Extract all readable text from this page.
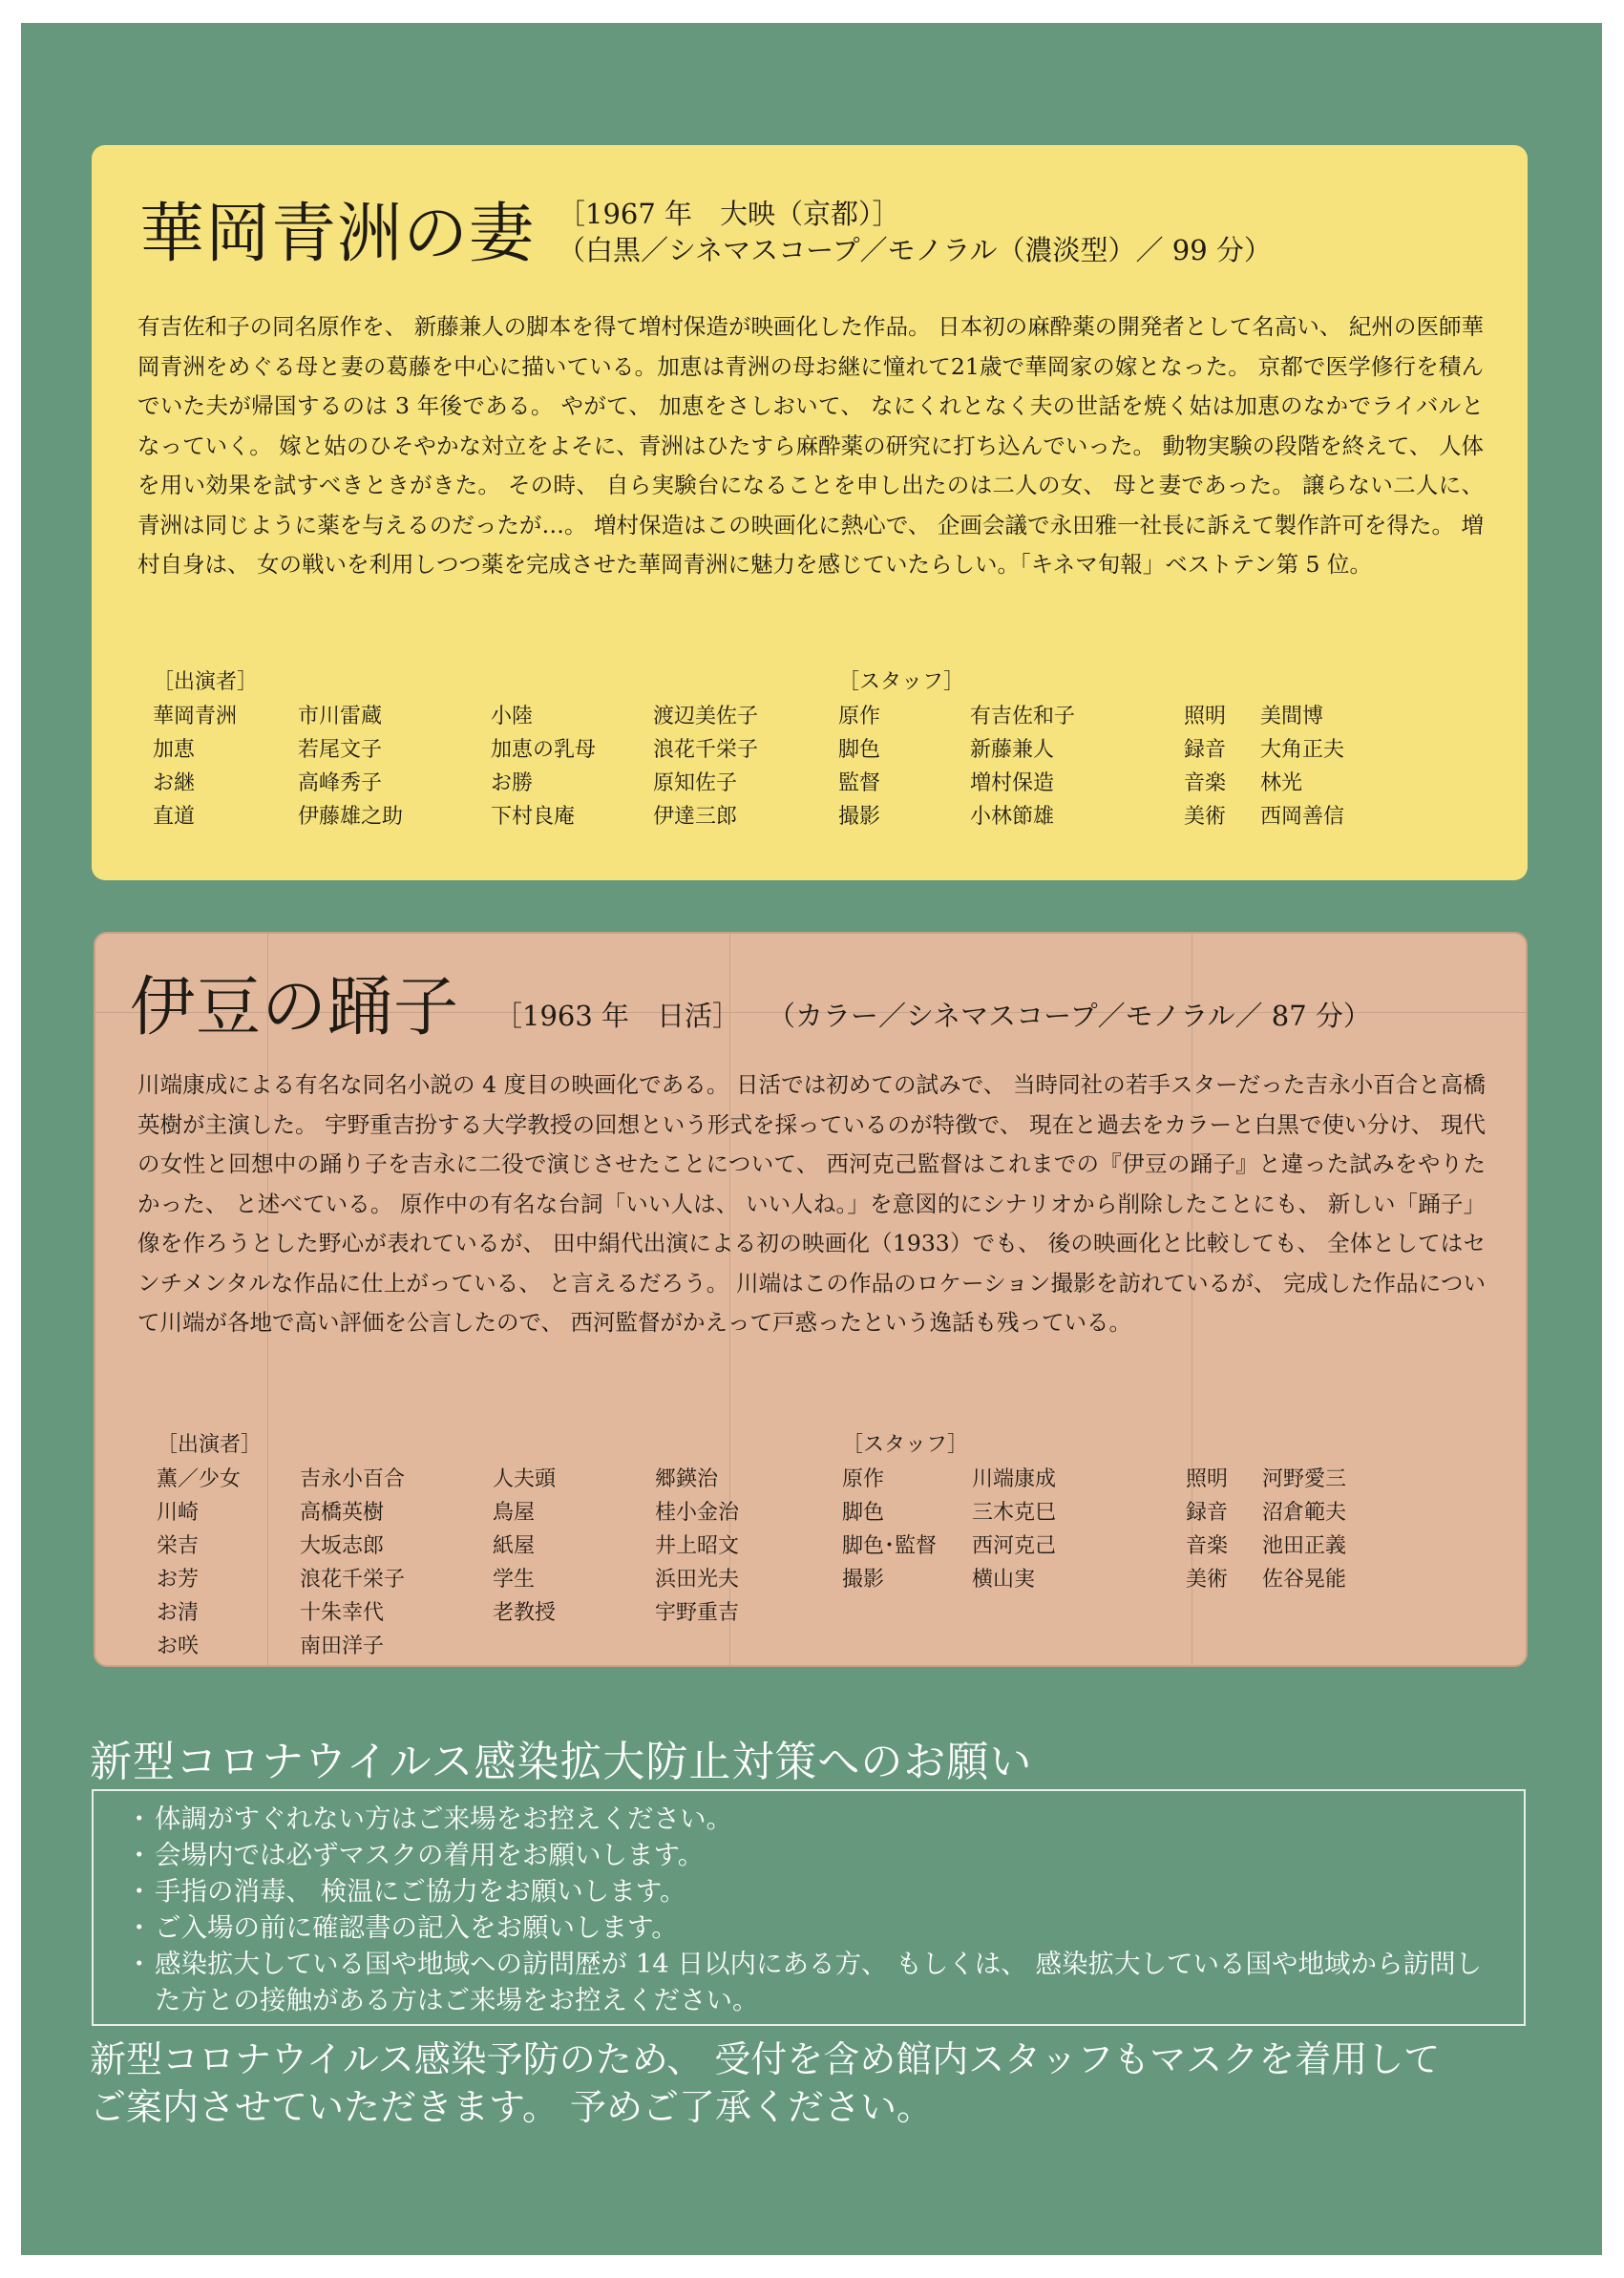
華岡青洲の妻 ［1967 年　大映（京都）］
（白黒／シネマスコープ／モノラル（濃淡型）／ 99 分）
有吉佐和子の同名原作を、 新藤兼人の脚本を得て増村保造が映画化した作品。 日本初の麻酔薬の開発者として名高い、 紀州の医師華岡青洲をめぐる母と妻の葛藤を中心に描いている。加恵は青洲の母お継に憧れて21歳で華岡家の嫁となった。 京都で医学修行を積んでいた夫が帰国するのは 3 年後である。 やがて、 加恵をさしおいて、 なにくれとなく夫の世話を焼く姑は加恵のなかでライバルとなっていく。 嫁と姑のひそやかな対立をよそに、青洲はひたすら麻酔薬の研究に打ち込んでいった。 動物実験の段階を終えて、 人体を用い効果を試すべきときがきた。 その時、 自ら実験台になることを申し出たのは二人の女、 母と妻であった。 譲らない二人に、 青洲は同じように薬を与えるのだったが…。 増村保造はこの映画化に熱心で、 企画会議で永田雅一社長に訴えて製作許可を得た。 増村自身は、 女の戦いを利用しつつ薬を完成させた華岡青洲に魅力を感じていたらしい。「キネマ旬報」ベストテン第 5 位。
［出演者］	［スタッフ］
華岡青洲
加恵
お継
直道
市川雷蔵
若尾文子
高峰秀子
伊藤雄之助
小陸
加恵の乳母
お勝
下村良庵
渡辺美佐子
浪花千栄子
原知佐子
伊達三郎
原作
脚色
監督
撮影
有吉佐和子
新藤兼人
増村保造
小林節雄
照明
録音
音楽
美術
美間博
大角正夫
林光
西岡善信
伊豆の踊子 ［1963 年　日活］ （カラー／シネマスコープ／モノラル／ 87 分）
川端康成による有名な同名小説の 4 度目の映画化である。 日活では初めての試みで、 当時同社の若手スターだった吉永小百合と高橋英樹が主演した。 宇野重吉扮する大学教授の回想という形式を採っているのが特徴で、 現在と過去をカラーと白黒で使い分け、 現代の女性と回想中の踊り子を吉永に二役で演じさせたことについて、 西河克己監督はこれまでの『伊豆の踊子』と違った試みをやりたかった、 と述べている。 原作中の有名な台詞「いい人は、 いい人ね。」を意図的にシナリオから削除したことにも、 新しい「踊子」像を作ろうとした野心が表れているが、 田中絹代出演による初の映画化（1933）でも、 後の映画化と比較しても、 全体としてはセンチメンタルな作品に仕上がっている、 と言えるだろう。 川端はこの作品のロケーション撮影を訪れているが、 完成した作品について川端が各地で高い評価を公言したので、 西河監督がかえって戸惑ったという逸話も残っている。
［出演者］	［スタッフ］
薫／少女
川崎
栄吉
お芳
お清
お咲
吉永小百合
高橋英樹
大坂志郎
浪花千栄子
十朱幸代
南田洋子
人夫頭
鳥屋
紙屋
学生
老教授
郷鍈治
桂小金治
井上昭文
浜田光夫
宇野重吉
原作
脚色
脚色･監督
撮影
川端康成
三木克巳
西河克己
横山実
照明
録音
音楽
美術
河野愛三
沼倉範夫
池田正義
佐谷晃能
新型コロナウイルス感染拡大防止対策へのお願い
・ 体調がすぐれない方はご来場をお控えください。
・ 会場内では必ずマスクの着用をお願いします。
・ 手指の消毒、 検温にご協力をお願いします。
・ ご入場の前に確認書の記入をお願いします。
・ 感染拡大している国や地域への訪問歴が 14 日以内にある方、 もしくは、 感染拡大している国や地域から訪問した方との接触がある方はご来場をお控えください。
新型コロナウイルス感染予防のため、 受付を含め館内スタッフもマスクを着用してご案内させていただきます。 予めご了承ください。
